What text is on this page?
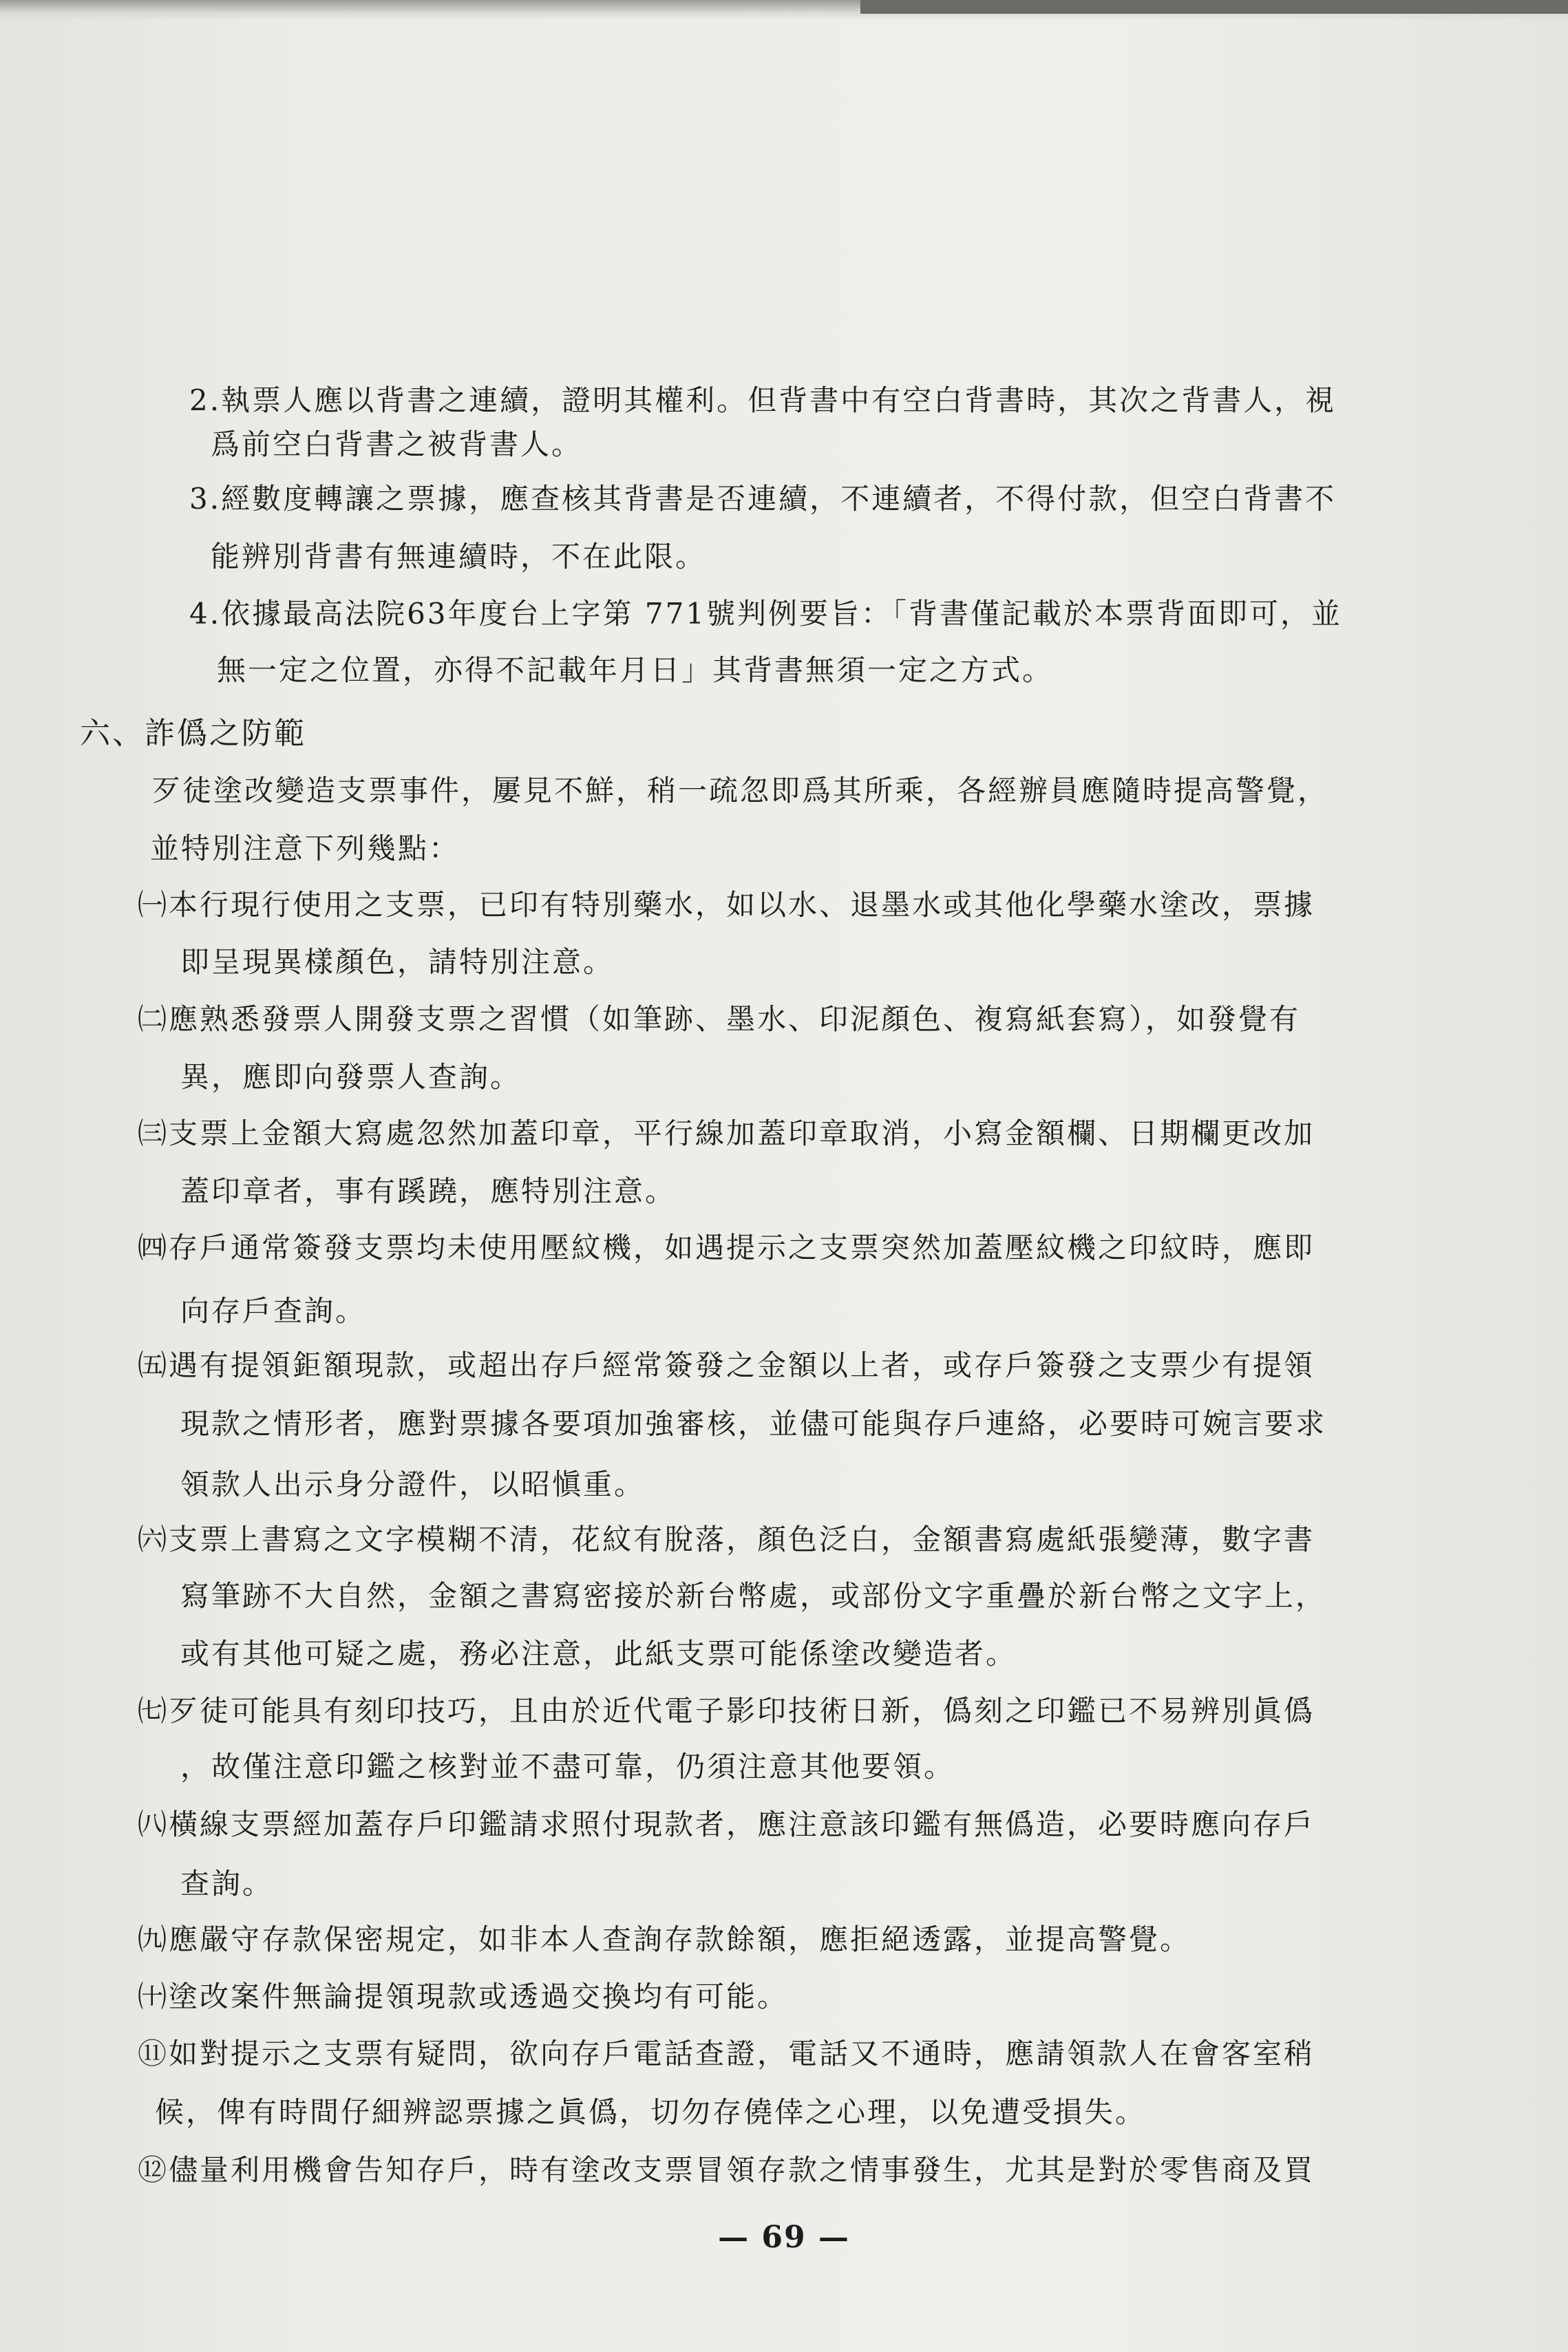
2.執票人應以背書之連續，證明其權利。但背書中有空白背書時，其次之背書人，視
爲前空白背書之被背書人。
3.經數度轉讓之票據，應查核其背書是否連續，不連續者，不得付款，但空白背書不
能辨別背書有無連續時，不在此限。
4.依據最高法院63年度台上字第 771號判例要旨：「背書僅記載於本票背面即可，並
無一定之位置，亦得不記載年月日」其背書無須一定之方式。
六、詐僞之防範
歹徒塗改變造支票事件，屢見不鮮，稍一疏忽即爲其所乘，各經辦員應隨時提高警覺，
並特別注意下列幾點：
㈠本行現行使用之支票，已印有特別藥水，如以水、退墨水或其他化學藥水塗改，票據
即呈現異樣顏色，請特別注意。
㈡應熟悉發票人開發支票之習慣（如筆跡、墨水、印泥顏色、複寫紙套寫），如發覺有
異，應即向發票人查詢。
㈢支票上金額大寫處忽然加蓋印章，平行線加蓋印章取消，小寫金額欄、日期欄更改加
蓋印章者，事有蹊蹺，應特別注意。
㈣存戶通常簽發支票均未使用壓紋機，如遇提示之支票突然加蓋壓紋機之印紋時，應即
向存戶查詢。
㈤遇有提領鉅額現款，或超出存戶經常簽發之金額以上者，或存戶簽發之支票少有提領
現款之情形者，應對票據各要項加強審核，並儘可能與存戶連絡，必要時可婉言要求
領款人出示身分證件，以昭愼重。
㈥支票上書寫之文字模糊不清，花紋有脫落，顏色泛白，金額書寫處紙張變薄，數字書
寫筆跡不大自然，金額之書寫密接於新台幣處，或部份文字重疊於新台幣之文字上，
或有其他可疑之處，務必注意，此紙支票可能係塗改變造者。
㈦歹徒可能具有刻印技巧，且由於近代電子影印技術日新，僞刻之印鑑已不易辨別眞僞
，故僅注意印鑑之核對並不盡可靠，仍須注意其他要領。
㈧橫線支票經加蓋存戶印鑑請求照付現款者，應注意該印鑑有無僞造，必要時應向存戶
查詢。
㈨應嚴守存款保密規定，如非本人查詢存款餘額，應拒絕透露，並提高警覺。
㈩塗改案件無論提領現款或透過交換均有可能。
⑪如對提示之支票有疑問，欲向存戶電話查證，電話又不通時，應請領款人在會客室稍
候，俾有時間仔細辨認票據之眞僞，切勿存僥倖之心理，以免遭受損失。
⑫儘量利用機會告知存戶，時有塗改支票冒領存款之情事發生，尤其是對於零售商及買
— 69 —
